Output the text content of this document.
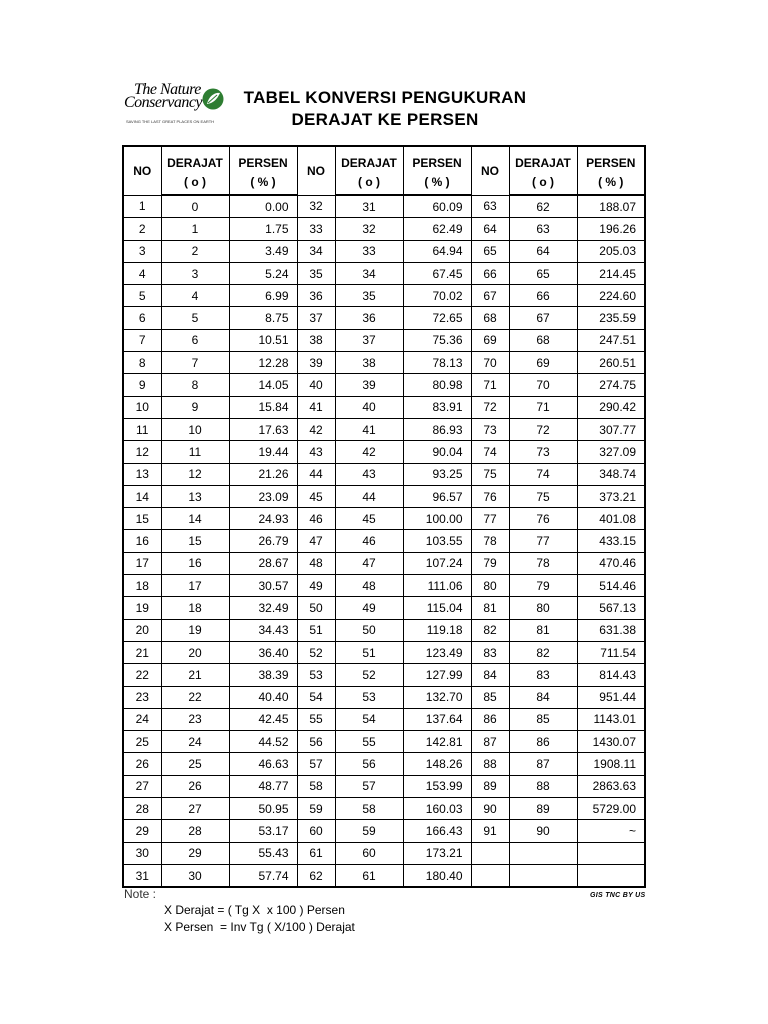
The Nature
Conservancy
SAVING THE LAST GREAT PLACES ON EARTH
TABEL KONVERSI PENGUKURAN
DERAJAT KE PERSEN
NO	DERAJAT	PERSEN	NO	DERAJAT	PERSEN	NO	DERAJAT	PERSEN
	( o )	( % )		( o )	( % )		( o )	( % )
1	0	0.00	32	31	60.09	63	62	188.07
2	1	1.75	33	32	62.49	64	63	196.26
3	2	3.49	34	33	64.94	65	64	205.03
4	3	5.24	35	34	67.45	66	65	214.45
5	4	6.99	36	35	70.02	67	66	224.60
6	5	8.75	37	36	72.65	68	67	235.59
7	6	10.51	38	37	75.36	69	68	247.51
8	7	12.28	39	38	78.13	70	69	260.51
9	8	14.05	40	39	80.98	71	70	274.75
10	9	15.84	41	40	83.91	72	71	290.42
11	10	17.63	42	41	86.93	73	72	307.77
12	11	19.44	43	42	90.04	74	73	327.09
13	12	21.26	44	43	93.25	75	74	348.74
14	13	23.09	45	44	96.57	76	75	373.21
15	14	24.93	46	45	100.00	77	76	401.08
16	15	26.79	47	46	103.55	78	77	433.15
17	16	28.67	48	47	107.24	79	78	470.46
18	17	30.57	49	48	111.06	80	79	514.46
19	18	32.49	50	49	115.04	81	80	567.13
20	19	34.43	51	50	119.18	82	81	631.38
21	20	36.40	52	51	123.49	83	82	711.54
22	21	38.39	53	52	127.99	84	83	814.43
23	22	40.40	54	53	132.70	85	84	951.44
24	23	42.45	55	54	137.64	86	85	1143.01
25	24	44.52	56	55	142.81	87	86	1430.07
26	25	46.63	57	56	148.26	88	87	1908.11
27	26	48.77	58	57	153.99	89	88	2863.63
28	27	50.95	59	58	160.03	90	89	5729.00
29	28	53.17	60	59	166.43	91	90	~
30	29	55.43	61	60	173.21			
31	30	57.74	62	61	180.40			
Note :	GIS TNC BY US
X Derajat = ( Tg X  x 100 ) Persen
X Persen  = Inv Tg ( X/100 ) Derajat
